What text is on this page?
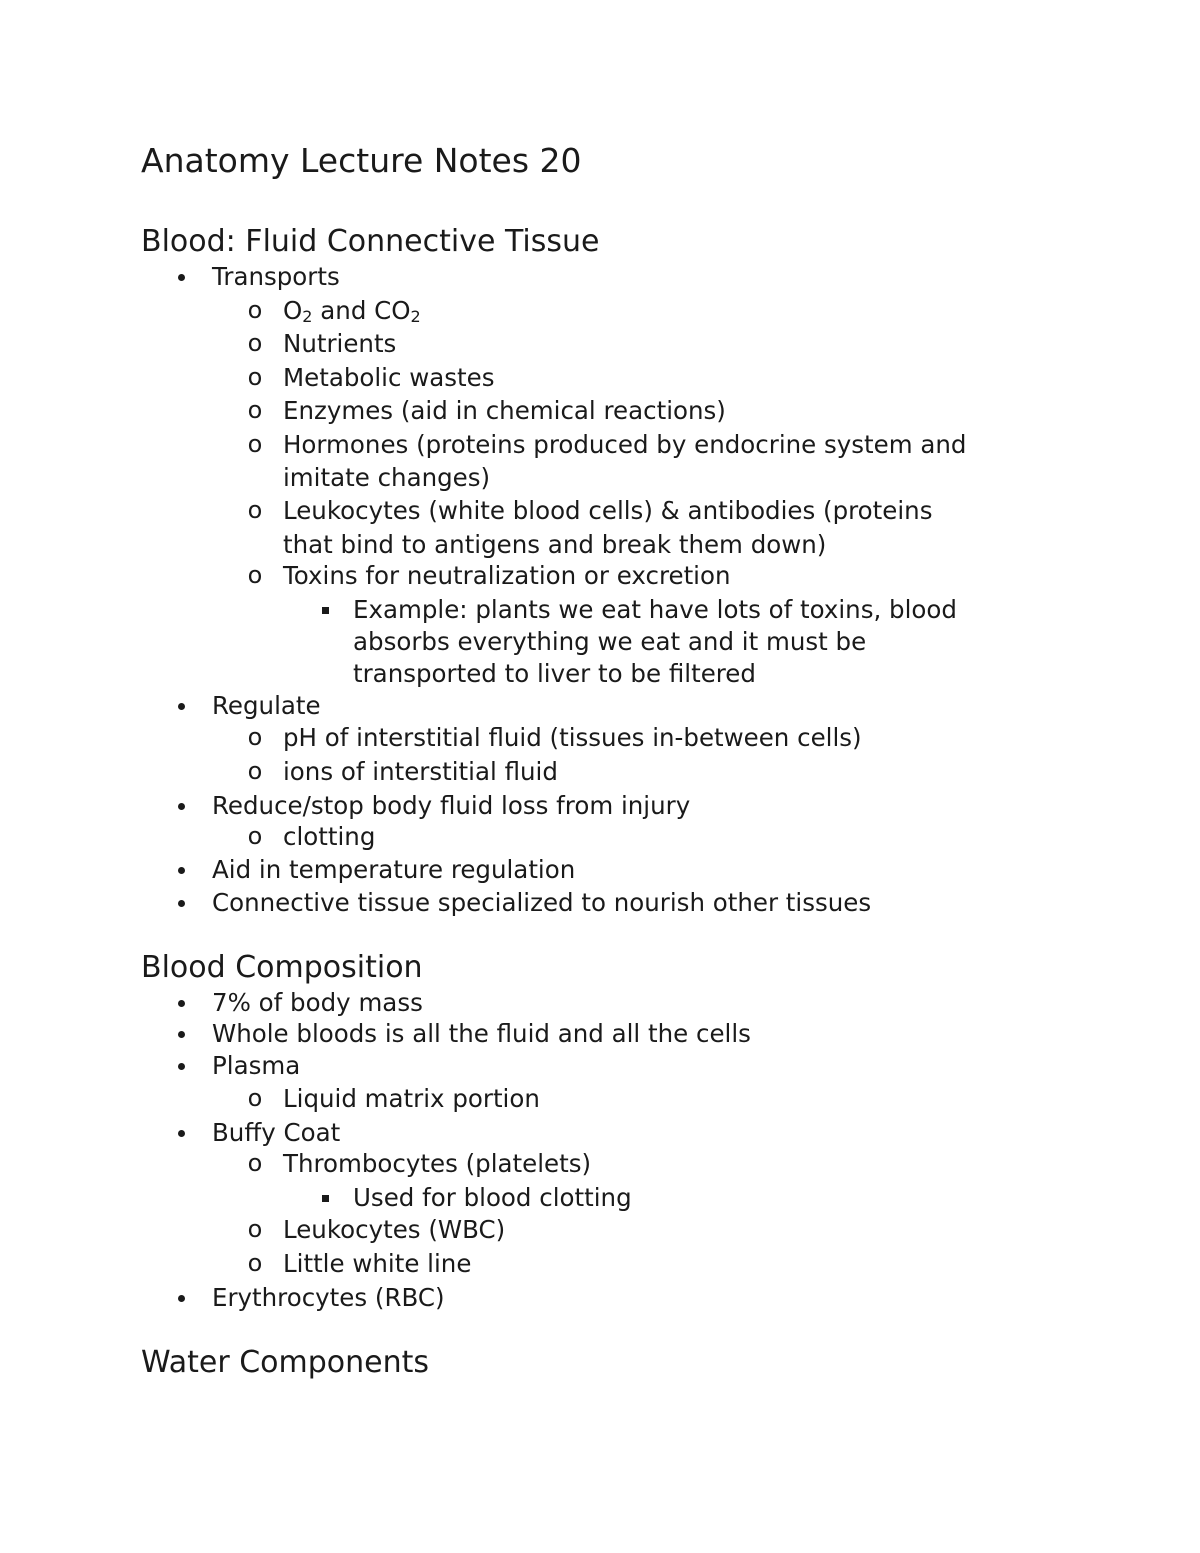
Anatomy Lecture Notes 20
Blood: Fluid Connective Tissue
Transports
o $O_2$ and $CO_2$
o Nutrients
o Metabolic wastes
o Enzymes (aid in chemical reactions)
o Hormones (proteins produced by endocrine system and
imitate changes)
o Leukocytes (white blood cells) & antibodies (proteins
that bind to antigens and break them down)
o Toxins for neutralization or excretion
Example: plants we eat have lots of toxins, blood
absorbs everything we eat and it must be
transported to liver to be filtered
Regulate
o pH of interstitial fluid (tissues in-between cells)
o ions of interstitial fluid
Reduce/stop body fluid loss from injury
o clotting
Aid in temperature regulation
Connective tissue specialized to nourish other tissues
Blood Composition
7% of body mass
Whole bloods is all the fluid and all the cells
Plasma
o Liquid matrix portion
Buffy Coat
o Thrombocytes (platelets)
Used for blood clotting
o Leukocytes (WBC)
o Little white line
Erythrocytes (RBC)
Water Components
